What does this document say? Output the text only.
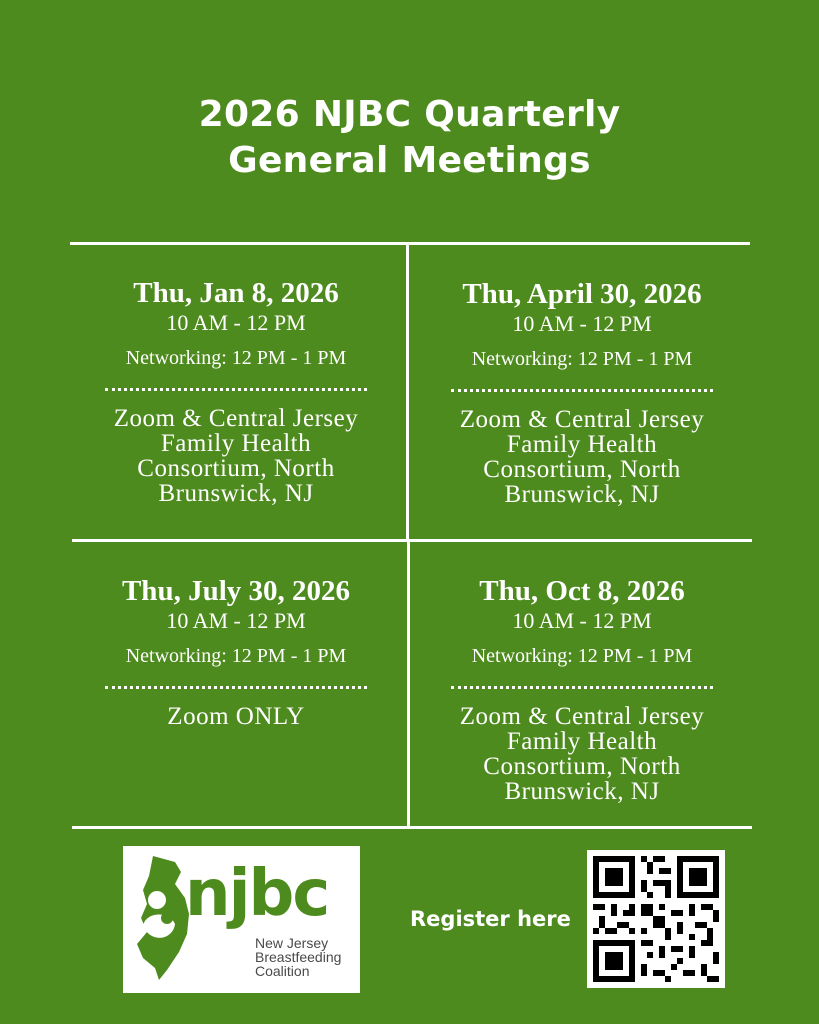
2026 NJBC Quarterly
General Meetings
Thu, Jan 8, 2026
10 AM - 12 PM
Networking: 12 PM - 1 PM
Zoom & Central Jersey Family Health Consortium, North Brunswick, NJ
Thu, April 30, 2026
10 AM - 12 PM
Networking: 12 PM - 1 PM
Zoom & Central Jersey Family Health Consortium, North Brunswick, NJ
Thu, July 30, 2026
10 AM - 12 PM
Networking: 12 PM - 1 PM
Zoom ONLY
Thu, Oct 8, 2026
10 AM - 12 PM
Networking: 12 PM - 1 PM
Zoom & Central Jersey Family Health Consortium, North Brunswick, NJ
njbc
New Jersey
Breastfeeding
Coalition
Register here
